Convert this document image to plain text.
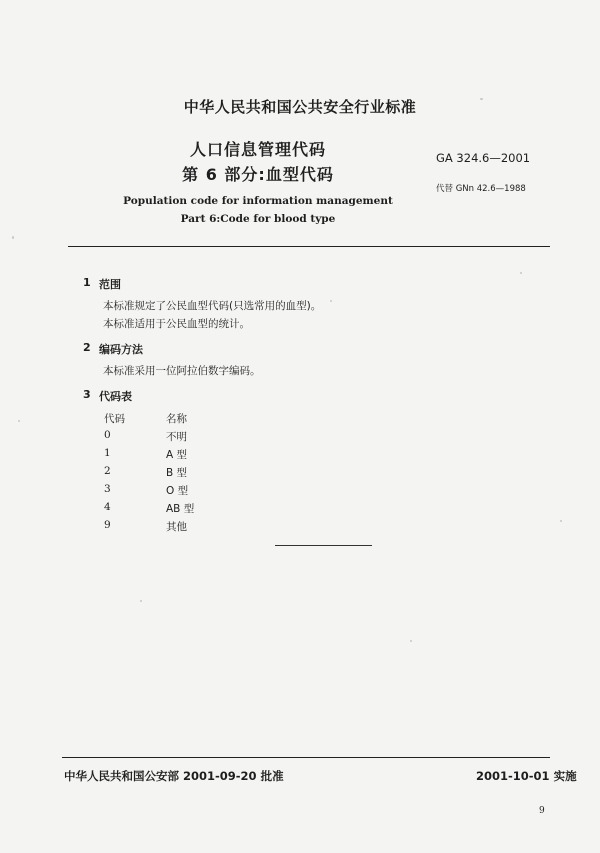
中华人民共和国公共安全行业标准
人口信息管理代码
第 6 部分:血型代码
Population code for information management
Part 6:Code for blood type
GA 324.6—2001
代替 GNn 42.6—1988
1 范围
本标准规定了公民血型代码(只选常用的血型)。
本标准适用于公民血型的统计。
2 编码方法
本标准采用一位阿拉伯数字编码。
3 代码表
代码	名称
0	不明
1	A 型
2	B 型
3	O 型
4	AB 型
9	其他
中华人民共和国公安部 2001-09-20 批准	2001-10-01 实施
9
